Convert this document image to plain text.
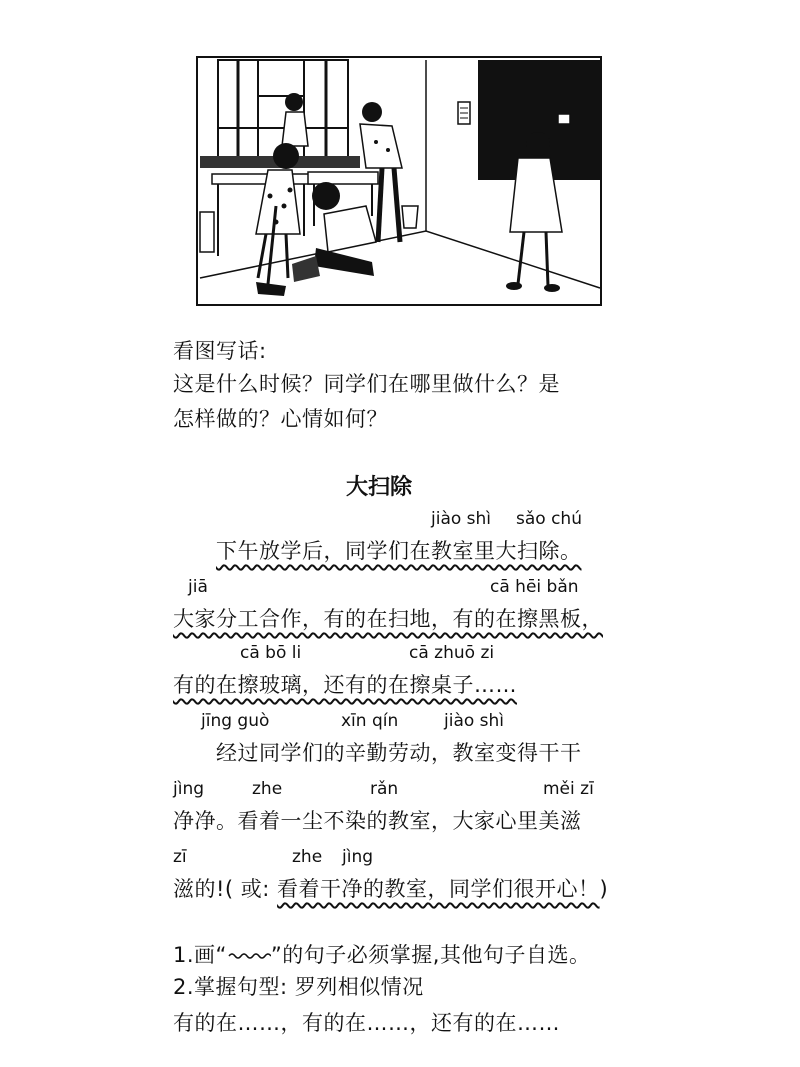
看图写话:
这是什么时候？同学们在哪里做什么？是
怎样做的？心情如何？
大扫除
jiào shì sǎo chú
下午放学后，同学们在教室里大扫除。
jiā	cā hēi bǎn
大家分工合作，有的在扫地，有的在擦黑板，
cā bō li	cā zhuō zi
有的在擦玻璃，还有的在擦桌子……
jīng guò	xīn qín	jiào shì
经过同学们的辛勤劳动，教室变得干干
jìng	zhe	rǎn	měi zī
净净。看着一尘不染的教室，大家心里美滋
zī	zhe jìng
滋的!( 或: 看着干净的教室，同学们很开心！)
1.画“ ”的句子必须掌握,其他句子自选。
2.掌握句型: 罗列相似情况
有的在……，有的在……，还有的在……
